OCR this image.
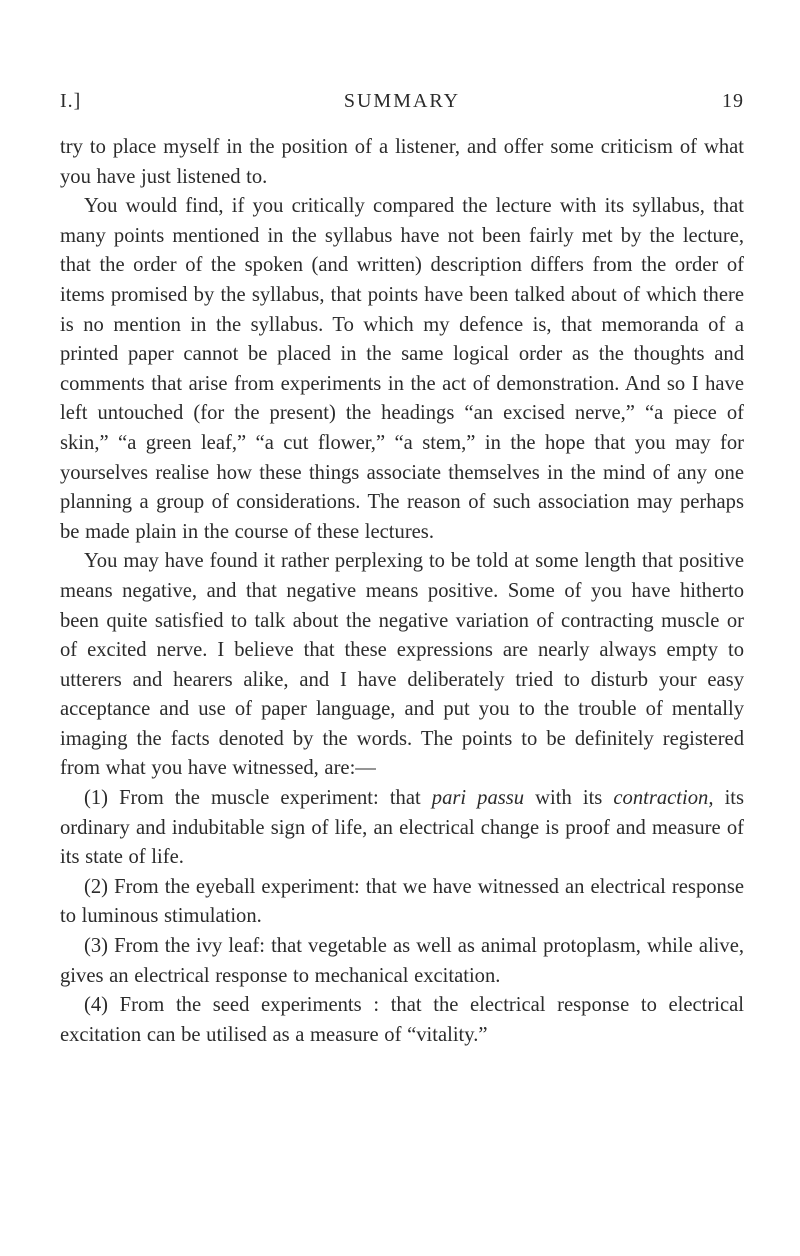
I.]	SUMMARY	19

try to place myself in the position of a listener, and offer some criticism of what you have just listened to.

You would find, if you critically compared the lecture with its syllabus, that many points mentioned in the syllabus have not been fairly met by the lecture, that the order of the spoken (and written) description differs from the order of items promised by the syllabus, that points have been talked about of which there is no mention in the syllabus. To which my defence is, that memoranda of a printed paper cannot be placed in the same logical order as the thoughts and comments that arise from experiments in the act of demonstration. And so I have left untouched (for the present) the headings “an excised nerve,” “a piece of skin,” “a green leaf,” “a cut flower,” “a stem,” in the hope that you may for yourselves realise how these things associate themselves in the mind of any one planning a group of considerations. The reason of such association may perhaps be made plain in the course of these lectures.

You may have found it rather perplexing to be told at some length that positive means negative, and that negative means positive. Some of you have hitherto been quite satisfied to talk about the negative variation of contracting muscle or of excited nerve. I believe that these expressions are nearly always empty to utterers and hearers alike, and I have deliberately tried to disturb your easy acceptance and use of paper language, and put you to the trouble of mentally imaging the facts denoted by the words. The points to be definitely registered from what you have witnessed, are:—

(1) From the muscle experiment: that pari passu with its contraction, its ordinary and indubitable sign of life, an electrical change is proof and measure of its state of life.

(2) From the eyeball experiment: that we have witnessed an electrical response to luminous stimulation.

(3) From the ivy leaf: that vegetable as well as animal protoplasm, while alive, gives an electrical response to mechanical excitation.

(4) From the seed experiments : that the electrical response to electrical excitation can be utilised as a measure of “vitality.”
